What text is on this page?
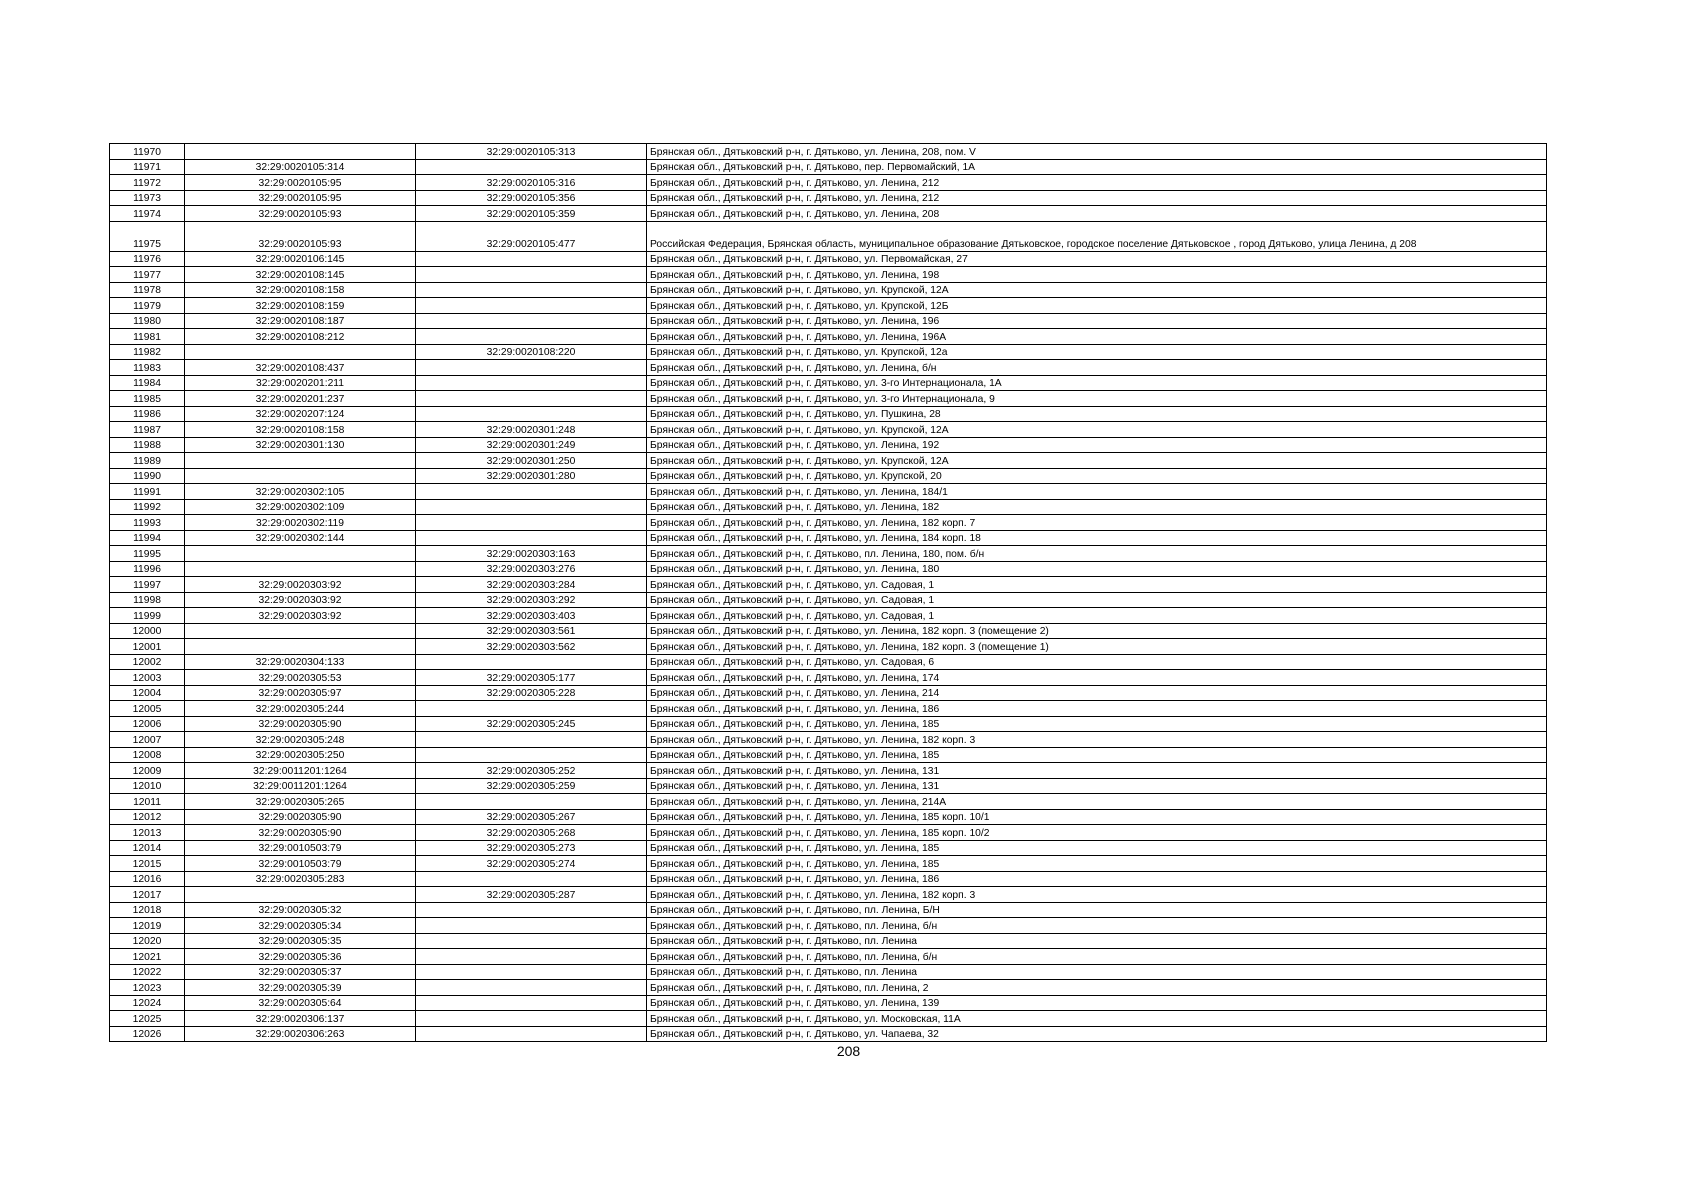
11970		32:29:0020105:313	Брянская обл., Дятьковский р-н, г. Дятьково, ул. Ленина, 208, пом. V
11971	32:29:0020105:314		Брянская обл., Дятьковский р-н, г. Дятьково, пер. Первомайский, 1А
11972	32:29:0020105:95	32:29:0020105:316	Брянская обл., Дятьковский р-н, г. Дятьково, ул. Ленина, 212
11973	32:29:0020105:95	32:29:0020105:356	Брянская обл., Дятьковский р-н, г. Дятьково, ул. Ленина, 212
11974	32:29:0020105:93	32:29:0020105:359	Брянская обл., Дятьковский р-н, г. Дятьково, ул. Ленина, 208
11975	32:29:0020105:93	32:29:0020105:477	Российская Федерация, Брянская область, муниципальное образование Дятьковское, городское поселение Дятьковское , город Дятьково, улица Ленина, д 208
11976	32:29:0020106:145		Брянская обл., Дятьковский р-н, г. Дятьково, ул. Первомайская, 27
11977	32:29:0020108:145		Брянская обл., Дятьковский р-н, г. Дятьково, ул. Ленина, 198
11978	32:29:0020108:158		Брянская обл., Дятьковский р-н, г. Дятьково, ул. Крупской, 12А
11979	32:29:0020108:159		Брянская обл., Дятьковский р-н, г. Дятьково, ул. Крупской, 12Б
11980	32:29:0020108:187		Брянская обл., Дятьковский р-н, г. Дятьково, ул. Ленина, 196
11981	32:29:0020108:212		Брянская обл., Дятьковский р-н, г. Дятьково, ул. Ленина, 196А
11982		32:29:0020108:220	Брянская обл., Дятьковский р-н, г. Дятьково, ул. Крупской, 12а
11983	32:29:0020108:437		Брянская обл., Дятьковский р-н, г. Дятьково, ул. Ленина, б/н
11984	32:29:0020201:211		Брянская обл., Дятьковский р-н, г. Дятьково, ул. 3-го Интернационала, 1А
11985	32:29:0020201:237		Брянская обл., Дятьковский р-н, г. Дятьково, ул. 3-го Интернационала, 9
11986	32:29:0020207:124		Брянская обл., Дятьковский р-н, г. Дятьково, ул. Пушкина, 28
11987	32:29:0020108:158	32:29:0020301:248	Брянская обл., Дятьковский р-н, г. Дятьково, ул. Крупской, 12А
11988	32:29:0020301:130	32:29:0020301:249	Брянская обл., Дятьковский р-н, г. Дятьково, ул. Ленина, 192
11989		32:29:0020301:250	Брянская обл., Дятьковский р-н, г. Дятьково, ул. Крупской, 12А
11990		32:29:0020301:280	Брянская обл., Дятьковский р-н, г. Дятьково, ул. Крупской, 20
11991	32:29:0020302:105		Брянская обл., Дятьковский р-н, г. Дятьково, ул. Ленина, 184/1
11992	32:29:0020302:109		Брянская обл., Дятьковский р-н, г. Дятьково, ул. Ленина, 182
11993	32:29:0020302:119		Брянская обл., Дятьковский р-н, г. Дятьково, ул. Ленина, 182 корп. 7
11994	32:29:0020302:144		Брянская обл., Дятьковский р-н, г. Дятьково, ул. Ленина, 184 корп. 18
11995		32:29:0020303:163	Брянская обл., Дятьковский р-н, г. Дятьково, пл. Ленина, 180, пом. б/н
11996		32:29:0020303:276	Брянская обл., Дятьковский р-н, г. Дятьково, ул. Ленина, 180
11997	32:29:0020303:92	32:29:0020303:284	Брянская обл., Дятьковский р-н, г. Дятьково, ул. Садовая, 1
11998	32:29:0020303:92	32:29:0020303:292	Брянская обл., Дятьковский р-н, г. Дятьково, ул. Садовая, 1
11999	32:29:0020303:92	32:29:0020303:403	Брянская обл., Дятьковский р-н, г. Дятьково, ул. Садовая, 1
12000		32:29:0020303:561	Брянская обл., Дятьковский р-н, г. Дятьково, ул. Ленина, 182 корп. 3 (помещение 2)
12001		32:29:0020303:562	Брянская обл., Дятьковский р-н, г. Дятьково, ул. Ленина, 182 корп. 3 (помещение 1)
12002	32:29:0020304:133		Брянская обл., Дятьковский р-н, г. Дятьково, ул. Садовая, 6
12003	32:29:0020305:53	32:29:0020305:177	Брянская обл., Дятьковский р-н, г. Дятьково, ул. Ленина, 174
12004	32:29:0020305:97	32:29:0020305:228	Брянская обл., Дятьковский р-н, г. Дятьково, ул. Ленина, 214
12005	32:29:0020305:244		Брянская обл., Дятьковский р-н, г. Дятьково, ул. Ленина, 186
12006	32:29:0020305:90	32:29:0020305:245	Брянская обл., Дятьковский р-н, г. Дятьково, ул. Ленина, 185
12007	32:29:0020305:248		Брянская обл., Дятьковский р-н, г. Дятьково, ул. Ленина, 182 корп. 3
12008	32:29:0020305:250		Брянская обл., Дятьковский р-н, г. Дятьково, ул. Ленина, 185
12009	32:29:0011201:1264	32:29:0020305:252	Брянская обл., Дятьковский р-н, г. Дятьково, ул. Ленина, 131
12010	32:29:0011201:1264	32:29:0020305:259	Брянская обл., Дятьковский р-н, г. Дятьково, ул. Ленина, 131
12011	32:29:0020305:265		Брянская обл., Дятьковский р-н, г. Дятьково, ул. Ленина, 214А
12012	32:29:0020305:90	32:29:0020305:267	Брянская обл., Дятьковский р-н, г. Дятьково, ул. Ленина, 185 корп. 10/1
12013	32:29:0020305:90	32:29:0020305:268	Брянская обл., Дятьковский р-н, г. Дятьково, ул. Ленина, 185 корп. 10/2
12014	32:29:0010503:79	32:29:0020305:273	Брянская обл., Дятьковский р-н, г. Дятьково, ул. Ленина, 185
12015	32:29:0010503:79	32:29:0020305:274	Брянская обл., Дятьковский р-н, г. Дятьково, ул. Ленина, 185
12016	32:29:0020305:283		Брянская обл., Дятьковский р-н, г. Дятьково, ул. Ленина, 186
12017		32:29:0020305:287	Брянская обл., Дятьковский р-н, г. Дятьково, ул. Ленина, 182 корп. 3
12018	32:29:0020305:32		Брянская обл., Дятьковский р-н, г. Дятьково, пл. Ленина, Б/Н
12019	32:29:0020305:34		Брянская обл., Дятьковский р-н, г. Дятьково, пл. Ленина, б/н
12020	32:29:0020305:35		Брянская обл., Дятьковский р-н, г. Дятьково, пл. Ленина
12021	32:29:0020305:36		Брянская обл., Дятьковский р-н, г. Дятьково, пл. Ленина, б/н
12022	32:29:0020305:37		Брянская обл., Дятьковский р-н, г. Дятьково, пл. Ленина
12023	32:29:0020305:39		Брянская обл., Дятьковский р-н, г. Дятьково, пл. Ленина, 2
12024	32:29:0020305:64		Брянская обл., Дятьковский р-н, г. Дятьково, ул. Ленина, 139
12025	32:29:0020306:137		Брянская обл., Дятьковский р-н, г. Дятьково, ул. Московская, 11А
12026	32:29:0020306:263		Брянская обл., Дятьковский р-н, г. Дятьково, ул. Чапаева, 32
208
